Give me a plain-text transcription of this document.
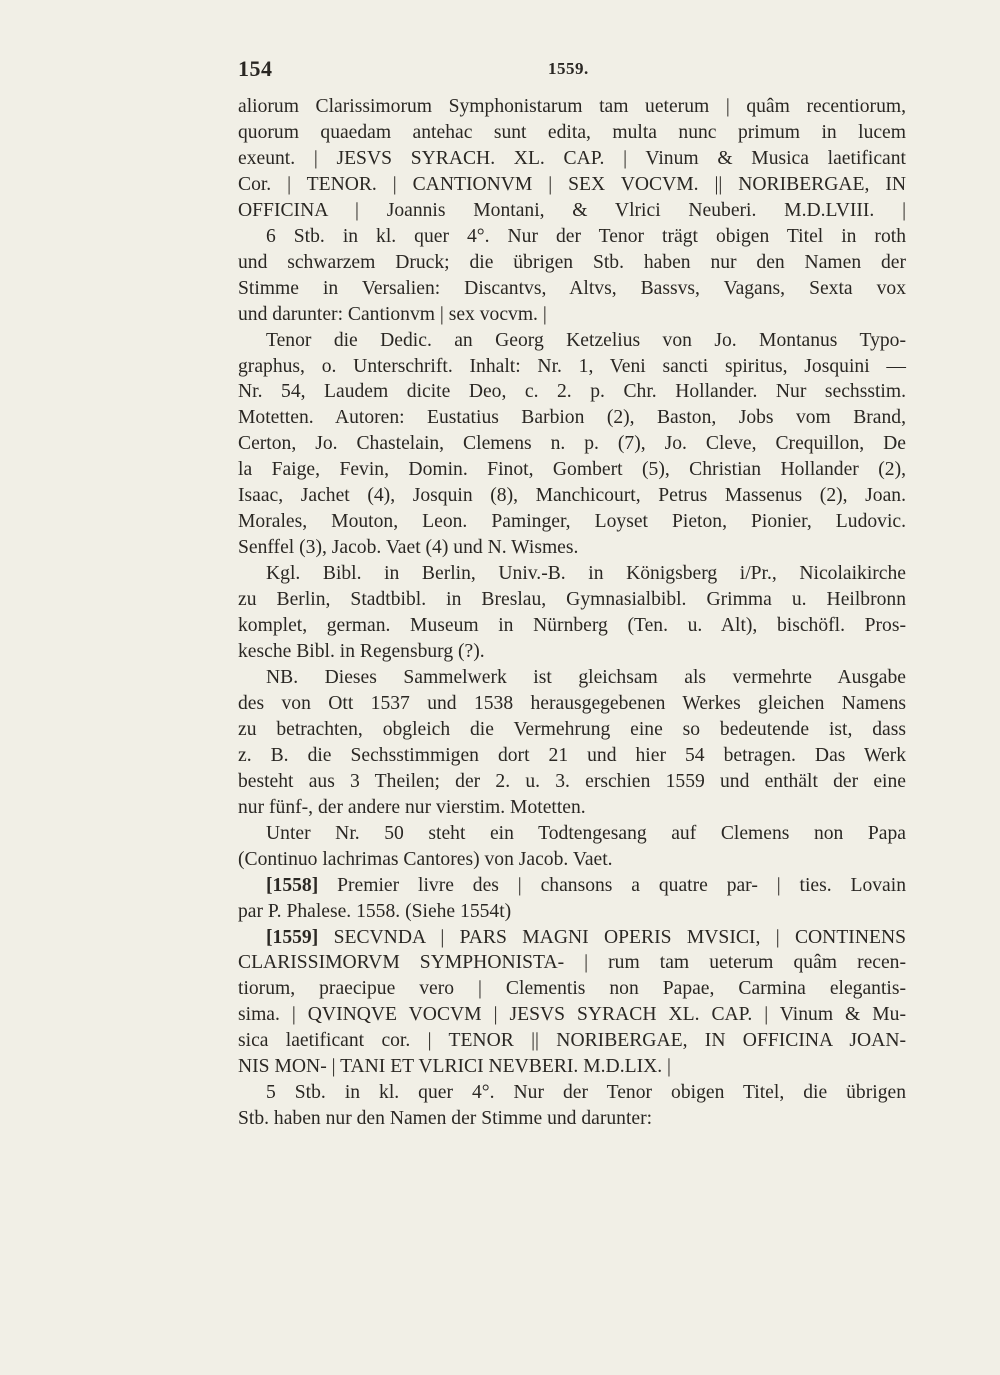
154	1559.
aliorum Clarissimorum Symphonistarum tam ueterum | quâm recentiorum,
quorum quaedam antehac sunt edita, multa nunc primum in lucem
exeunt. | JESVS SYRACH. XL. CAP. | Vinum & Musica laetificant
Cor. | TENOR. | CANTIONVM | SEX VOCVM. || NORIBERGAE, IN
OFFICINA | Joannis Montani, & Vlrici Neuberi. M.D.LVIII. |
6 Stb. in kl. quer 4°. Nur der Tenor trägt obigen Titel in roth
und schwarzem Druck; die übrigen Stb. haben nur den Namen der
Stimme in Versalien: Discantvs, Altvs, Bassvs, Vagans, Sexta vox
und darunter: Cantionvm | sex vocvm. |
Tenor die Dedic. an Georg Ketzelius von Jo. Montanus Typo-
graphus, o. Unterschrift. Inhalt: Nr. 1, Veni sancti spiritus, Josquini —
Nr. 54, Laudem dicite Deo, c. 2. p. Chr. Hollander. Nur sechsstim.
Motetten. Autoren: Eustatius Barbion (2), Baston, Jobs vom Brand,
Certon, Jo. Chastelain, Clemens n. p. (7), Jo. Cleve, Crequillon, De
la Faige, Fevin, Domin. Finot, Gombert (5), Christian Hollander (2),
Isaac, Jachet (4), Josquin (8), Manchicourt, Petrus Massenus (2), Joan.
Morales, Mouton, Leon. Paminger, Loyset Pieton, Pionier, Ludovic.
Senffel (3), Jacob. Vaet (4) und N. Wismes.
Kgl. Bibl. in Berlin, Univ.-B. in Königsberg i/Pr., Nicolaikirche
zu Berlin, Stadtbibl. in Breslau, Gymnasialbibl. Grimma u. Heilbronn
komplet, german. Museum in Nürnberg (Ten. u. Alt), bischöfl. Pros-
kesche Bibl. in Regensburg (?).
NB. Dieses Sammelwerk ist gleichsam als vermehrte Ausgabe
des von Ott 1537 und 1538 herausgegebenen Werkes gleichen Namens
zu betrachten, obgleich die Vermehrung eine so bedeutende ist, dass
z. B. die Sechsstimmigen dort 21 und hier 54 betragen. Das Werk
besteht aus 3 Theilen; der 2. u. 3. erschien 1559 und enthält der eine
nur fünf-, der andere nur vierstim. Motetten.
Unter Nr. 50 steht ein Todtengesang auf Clemens non Papa
(Continuo lachrimas Cantores) von Jacob. Vaet.
[1558] Premier livre des | chansons a quatre par- | ties. Lovain
par P. Phalese. 1558. (Siehe 1554t)
[1559] SECVNDA | PARS MAGNI OPERIS MVSICI, | CONTINENS
CLARISSIMORVM SYMPHONISTA- | rum tam ueterum quâm recen-
tiorum, praecipue vero | Clementis non Papae, Carmina elegantis-
sima. | QVINQVE VOCVM | JESVS SYRACH XL. CAP. | Vinum & Mu-
sica laetificant cor. | TENOR || NORIBERGAE, IN OFFICINA JOAN-
NIS MON- | TANI ET VLRICI NEVBERI. M.D.LIX. |
5 Stb. in kl. quer 4°. Nur der Tenor obigen Titel, die übrigen
Stb. haben nur den Namen der Stimme und darunter:
